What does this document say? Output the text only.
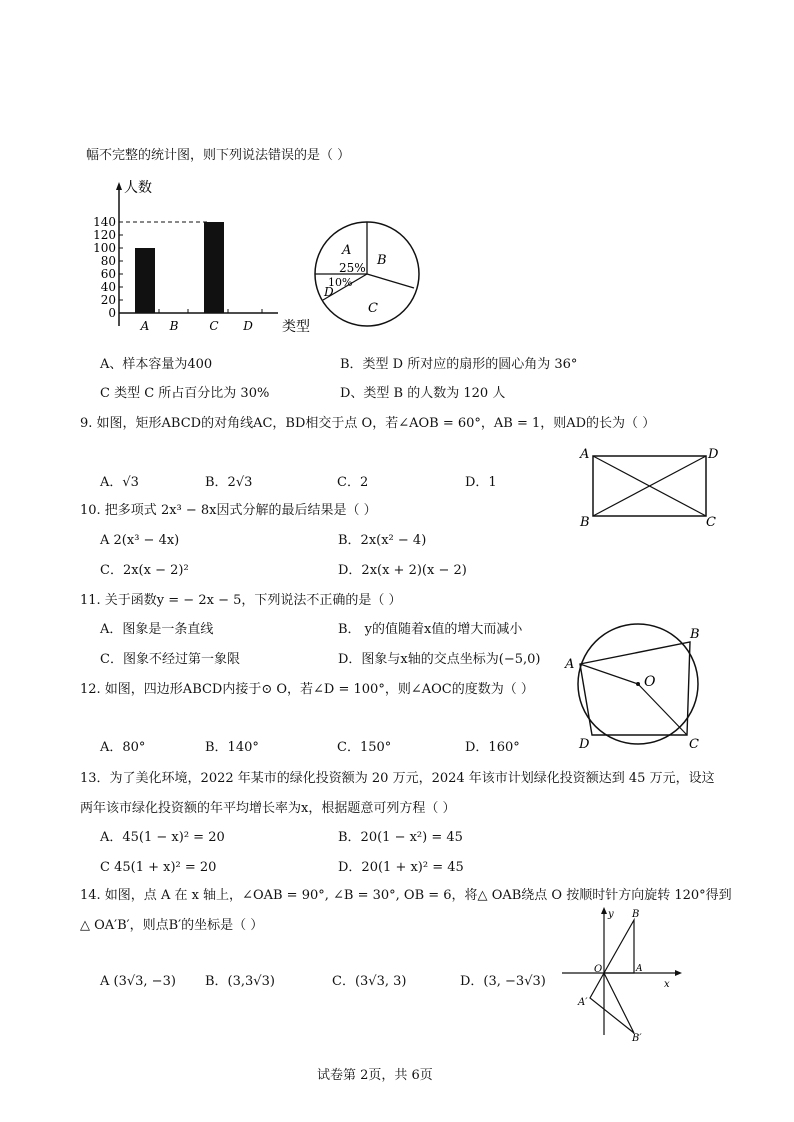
幅不完整的统计图，则下列说法错误的是（ ）
人数
类型
140
120
100
80
60
40
20
0
A B	C D
A
B
C
D
25%
10%
A、样本容量为400	B．类型 D 所对应的扇形的圆心角为 36°
C 类型 C 所占百分比为 30%	D、类型 B 的人数为 120 人
9. 如图，矩形ABCD的对角线AC，BD相交于点 O，若∠AOB = 60°，AB = 1，则AD的长为（ ）
A．√3	B．2√3	C．2	D．1
A	D
B	C
10. 把多项式 2x³ − 8x因式分解的最后结果是（ ）
A 2(x³ − 4x)	B．2x(x² − 4)
C．2x(x − 2)²	D．2x(x + 2)(x − 2)
11. 关于函数y = − 2x − 5，下列说法不正确的是（ ）
A．图象是一条直线	B． y的值随着x值的增大而减小
C．图象不经过第一象限	D．图象与x轴的交点坐标为(−5,0)
12. 如图，四边形ABCD内接于⊙ O，若∠D = 100°，则∠AOC的度数为（ ）
A．80°	B．140°	C．150°	D．160°
A
B
C
D
O
13．为了美化环境，2022 年某市的绿化投资额为 20 万元，2024 年该市计划绿化投资额达到 45 万元，设这
两年该市绿化投资额的年平均增长率为x，根据题意可列方程（ ）
A．45(1 − x)² = 20	B．20(1 − x²) = 45
C 45(1 + x)² = 20	D．20(1 + x)² = 45
14. 如图，点 A 在 x 轴上，∠OAB = 90°, ∠B = 30°, OB = 6，将△ OAB绕点 O 按顺时针方向旋转 120°得到
△ OA′B′，则点B′的坐标是（ ）
A (3√3, −3) B．(3,3√3)	C．(3√3, 3)	D．(3, −3√3)
y B
O	A
x
A′
B′
试卷第 2页，共 6页
